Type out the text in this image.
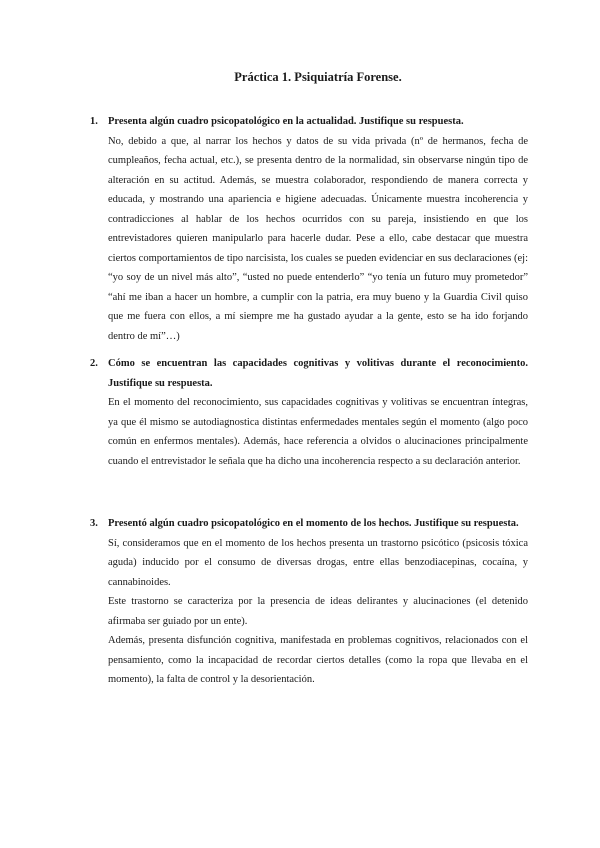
Práctica 1. Psiquiatría Forense.
1. Presenta algún cuadro psicopatológico en la actualidad. Justifique su respuesta.

No, debido a que, al narrar los hechos y datos de su vida privada (nº de hermanos, fecha de cumpleaños, fecha actual, etc.), se presenta dentro de la normalidad, sin observarse ningún tipo de alteración en su actitud. Además, se muestra colaborador, respondiendo de manera correcta y educada, y mostrando una apariencia e higiene adecuadas. Únicamente muestra incoherencia y contradicciones al hablar de los hechos ocurridos con su pareja, insistiendo en que los entrevistadores quieren manipularlo para hacerle dudar. Pese a ello, cabe destacar que muestra ciertos comportamientos de tipo narcisista, los cuales se pueden evidenciar en sus declaraciones (ej: “yo soy de un nivel más alto”, “usted no puede entenderlo” “yo tenía un futuro muy prometedor” “ahí me iban a hacer un hombre, a cumplir con la patria, era muy bueno y la Guardia Civil quiso que me fuera con ellos, a mí siempre me ha gustado ayudar a la gente, esto se ha ido forjando dentro de mí”…)

2. Cómo se encuentran las capacidades cognitivas y volitivas durante el reconocimiento. Justifique su respuesta.

En el momento del reconocimiento, sus capacidades cognitivas y volitivas se encuentran íntegras, ya que él mismo se autodiagnostica distintas enfermedades mentales según el momento (algo poco común en enfermos mentales). Además, hace referencia a olvidos o alucinaciones principalmente cuando el entrevistador le señala que ha dicho una incoherencia respecto a su declaración anterior.

3. Presentó algún cuadro psicopatológico en el momento de los hechos. Justifique su respuesta.

Sí, consideramos que en el momento de los hechos presenta un trastorno psicótico (psicosis tóxica aguda) inducido por el consumo de diversas drogas, entre ellas benzodiacepinas, cocaína, y cannabinoides.

Este trastorno se caracteriza por la presencia de ideas delirantes y alucinaciones (el detenido afirmaba ser guiado por un ente).

Además, presenta disfunción cognitiva, manifestada en problemas cognitivos, relacionados con el pensamiento, como la incapacidad de recordar ciertos detalles (como la ropa que llevaba en el momento), la falta de control y la desorientación.
